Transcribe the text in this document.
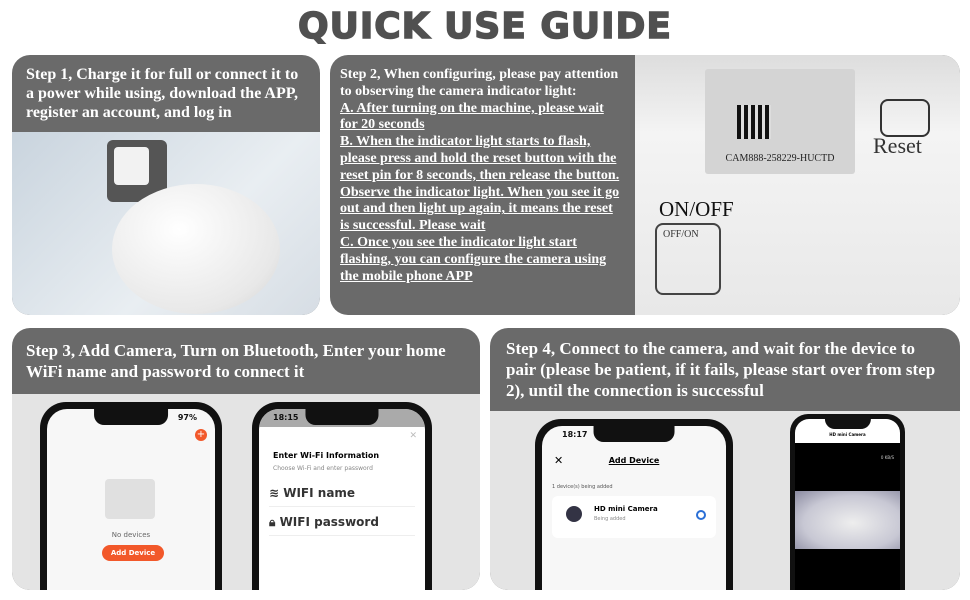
QUICK USE GUIDE
Step 1, Charge it for full or connect it to a power while using, download the APP, register an account, and log in
Step 2, When configuring, please pay attention to observing the camera indicator light:
A. After turning on the machine, please wait for 20 seconds
B. When the indicator light starts to flash, please press and hold the reset button with the reset pin for 8 seconds, then release the button. Observe the indicator light. When you see it go out and then light up again, it means the reset is successful. Please wait
C. Once you see the indicator light start flashing, you can configure the camera using the mobile phone APP
CAM888-258229-HUCTD
Reset
ON/OFF
OFF/ON
Step 3, Add Camera, Turn on Bluetooth, Enter your home WiFi name and password to connect it
97%
+
No devices
Add Device
18:15
✕
Enter Wi-Fi Information
Choose Wi-Fi and enter password
≋ WIFI name
🔒︎ WIFI password
Step 4, Connect to the camera, and wait for the device to pair (please be patient, if it fails, please start over from step 2), until the connection is successful
18:17
✕	Add Device
1 device(s) being added
HD mini Camera
Being added
HD mini Camera
0 KB/S
